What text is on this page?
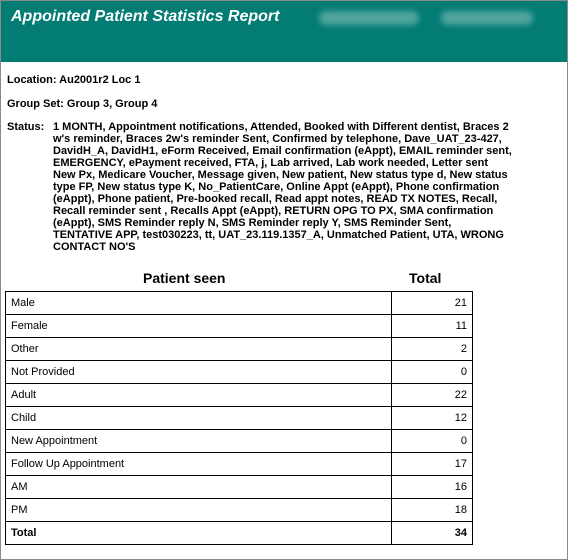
Appointed Patient Statistics Report
Location: Au2001r2 Loc 1
Group Set: Group 3, Group 4
Status: 1 MONTH, Appointment notifications, Attended, Booked with Different dentist, Braces 2 w's reminder, Braces 2w's reminder Sent, Confirmed by telephone, Dave_UAT_23-427, DavidH_A, DavidH1, eForm Received, Email confirmation (eAppt), EMAIL reminder sent, EMERGENCY, ePayment received, FTA, j, Lab arrived, Lab work needed, Letter sent New Px, Medicare Voucher, Message given, New patient, New status type d, New status type FP, New status type K, No_PatientCare, Online Appt (eAppt), Phone confirmation (eAppt), Phone patient, Pre-booked recall, Read appt notes, READ TX NOTES, Recall, Recall reminder sent , Recalls Appt (eAppt), RETURN OPG TO PX, SMA confirmation (eAppt), SMS Reminder reply N, SMS Reminder reply Y, SMS Reminder Sent, TENTATIVE APP, test030223, tt, UAT_23.119.1357_A, Unmatched Patient, UTA, WRONG CONTACT NO'S
Patient seen	Total
Male	21
Female	11
Other	2
Not Provided	0
Adult	22
Child	12
New Appointment	0
Follow Up Appointment	17
AM	16
PM	18
Total	34
